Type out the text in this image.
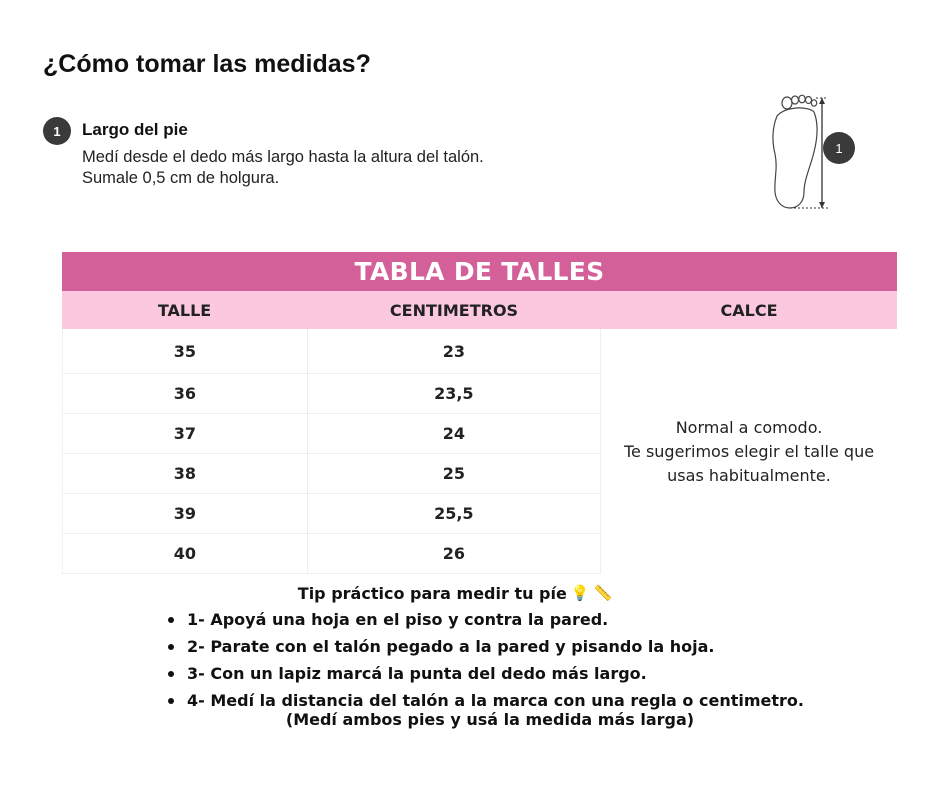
¿Cómo tomar las medidas?
1	Largo del pie
Medí desde el dedo más largo hasta la altura del talón. Sumale 0,5 cm de holgura.
1
TABLA DE TALLES
TALLE	CENTIMETROS	CALCE
35	23
36	23,5
37	24
38	25
39	25,5
40	26
Normal a comodo.
Te sugerimos elegir el talle que usas habitualmente.
Tip práctico para medir tu píe 💡 📏
1- Apoyá una hoja en el piso y contra la pared.
2- Parate con el talón pegado a la pared y pisando la hoja.
3- Con un lapiz marcá la punta del dedo más largo.
4- Medí la distancia del talón a la marca con una regla o centimetro.
(Medí ambos pies y usá la medida más larga)
